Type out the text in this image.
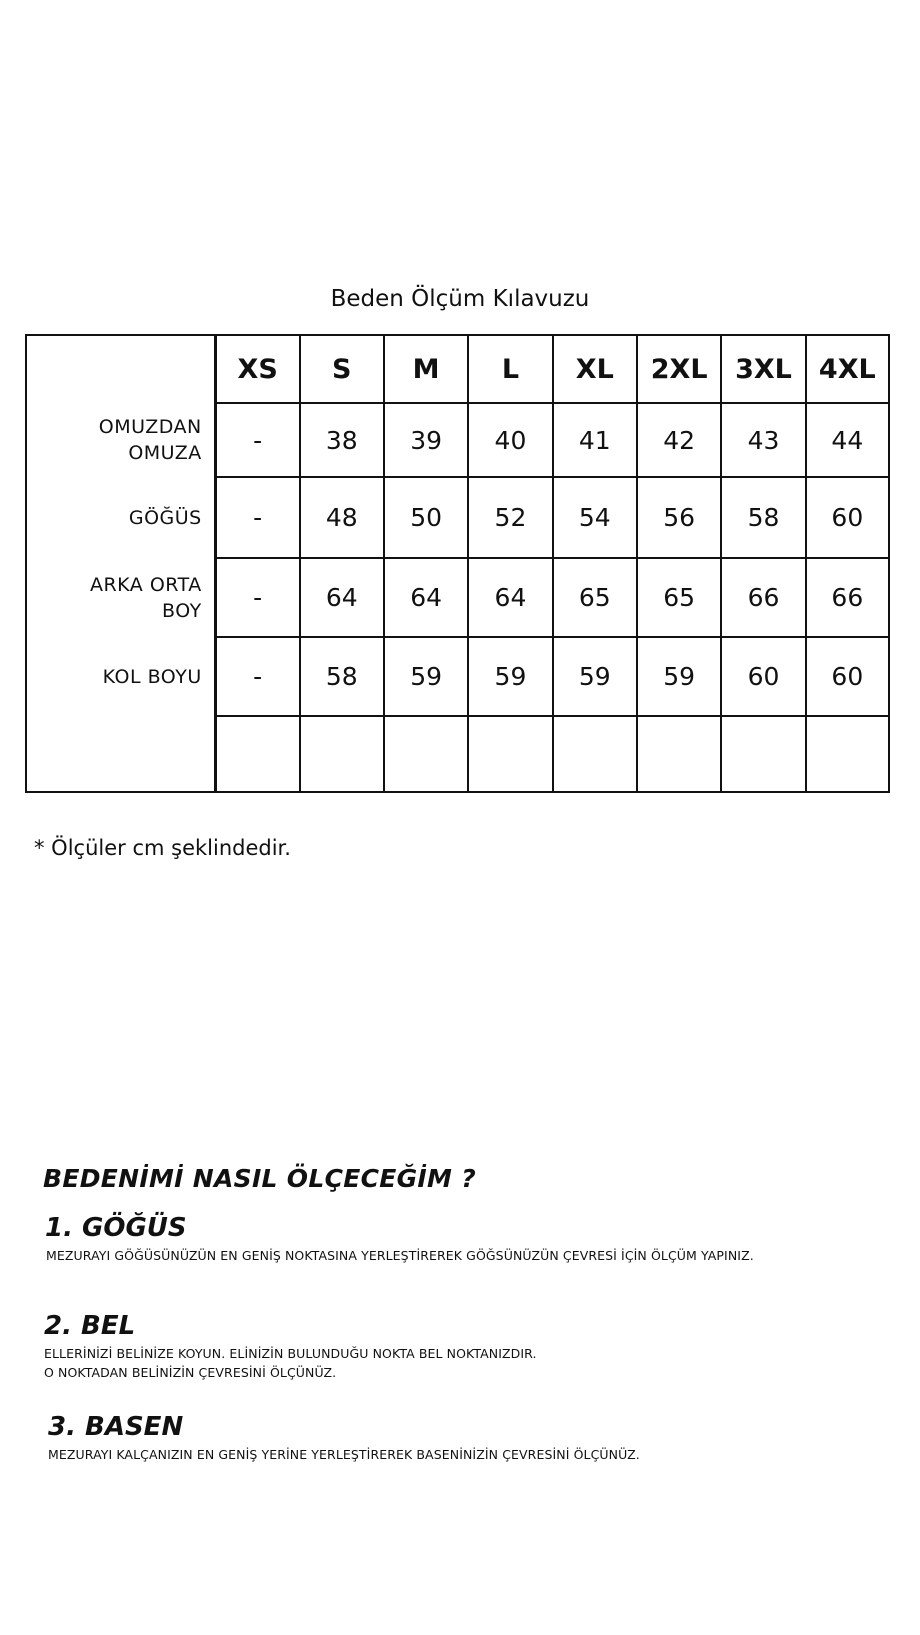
Beden Ölçüm Kılavuzu
	XS	S	M	L	XL	2XL	3XL	4XL

OMUZDAN
OMUZA	-	38	39	40	41	42	43	44

GÖĞÜS	-	48	50	52	54	56	58	60

ARKA ORTA
BOY	-	64	64	64	65	65	66	66

KOL BOYU	-	58	59	59	59	59	60	60

* Ölçüler cm şeklindedir.
BEDENİMİ NASIL ÖLÇECEĞİM ?
1. GÖĞÜS
MEZURAYI GÖĞÜSÜNÜZÜN EN GENİŞ NOKTASINA YERLEŞTİREREK GÖĞSÜNÜZÜN ÇEVRESİ İÇİN ÖLÇÜM YAPINIZ.
2. BEL
ELLERİNİZİ BELİNİZE KOYUN. ELİNİZİN BULUNDUĞU NOKTA BEL NOKTANIZDIR.
O NOKTADAN BELİNİZİN ÇEVRESİNİ ÖLÇÜNÜZ.
3. BASEN
MEZURAYI KALÇANIZIN EN GENİŞ YERİNE YERLEŞTİREREK BASENİNİZİN ÇEVRESİNİ ÖLÇÜNÜZ.
